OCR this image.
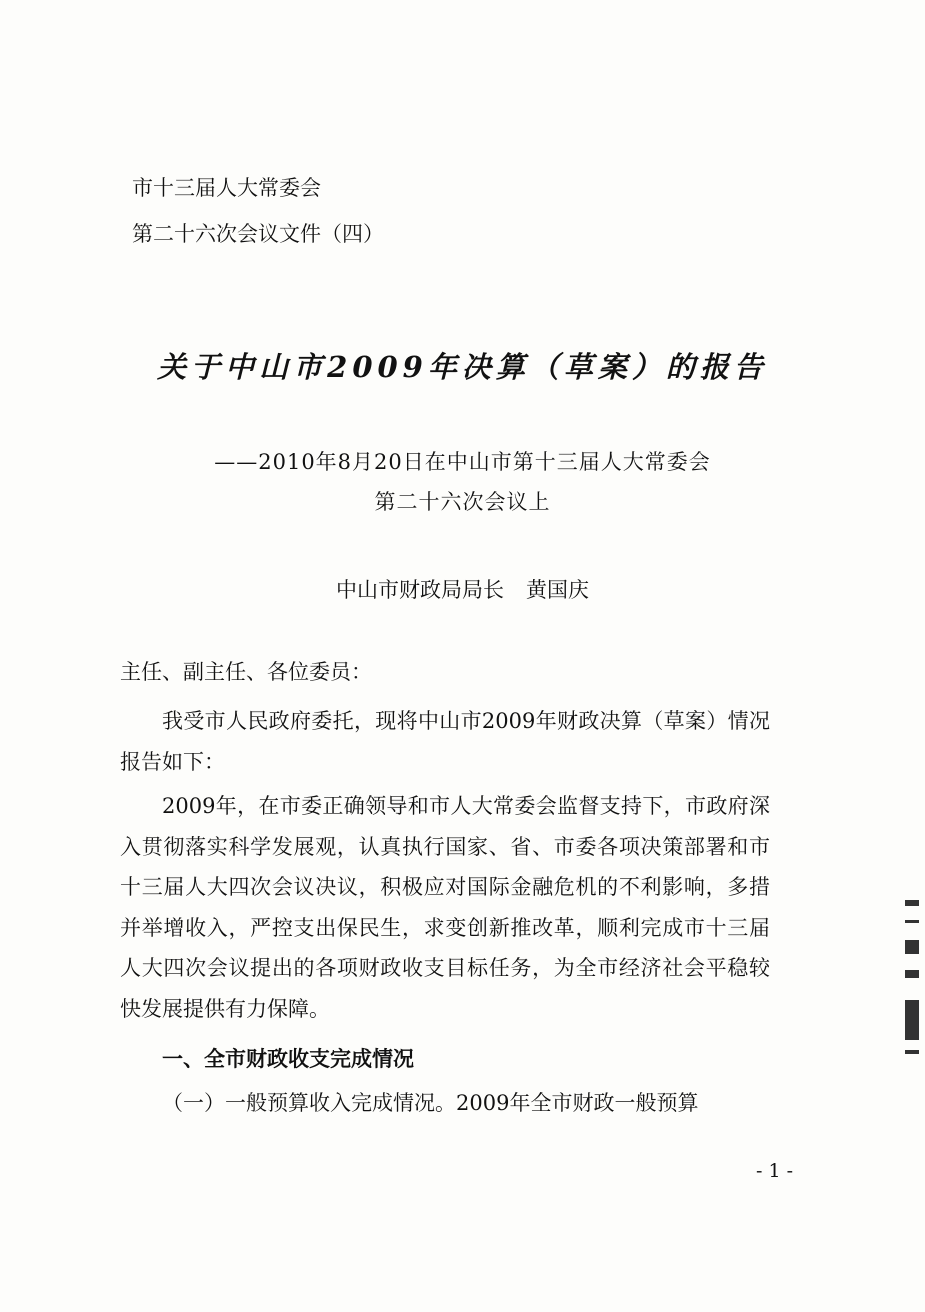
市十三届人大常委会
第二十六次会议文件（四）
关于中山市2009年决算（草案）的报告
——2010年8月20日在中山市第十三届人大常委会
第二十六次会议上
中山市财政局局长 黄国庆
主任、副主任、各位委员：
我受市人民政府委托，现将中山市2009年财政决算（草案）情况报告如下：
2009年，在市委正确领导和市人大常委会监督支持下，市政府深入贯彻落实科学发展观，认真执行国家、省、市委各项决策部署和市十三届人大四次会议决议，积极应对国际金融危机的不利影响，多措并举增收入，严控支出保民生，求变创新推改革，顺利完成市十三届人大四次会议提出的各项财政收支目标任务，为全市经济社会平稳较快发展提供有力保障。
一、全市财政收支完成情况
（一）一般预算收入完成情况。2009年全市财政一般预算
- 1 -
